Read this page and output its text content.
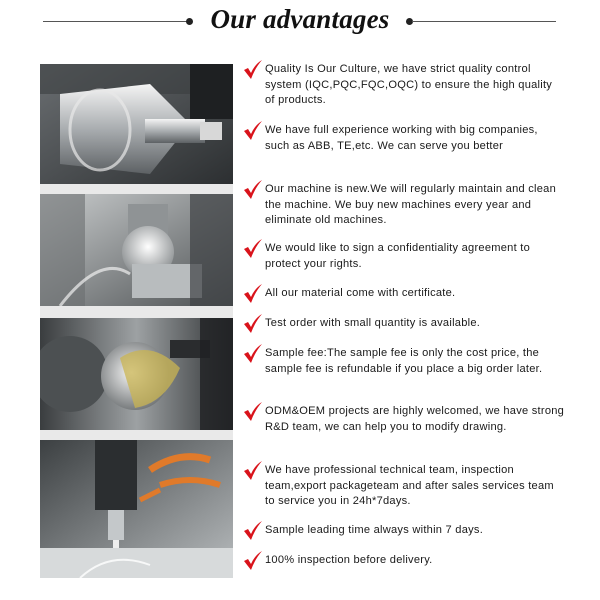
Our advantages
Quality Is Our Culture, we have strict quality control system (IQC,PQC,FQC,OQC) to ensure the high quality of products.
We have full experience working with big companies, such as ABB, TE,etc. We can serve you better
Our machine is new.We will regularly maintain and clean the machine. We buy new machines every year and eliminate old machines.
We would like to sign a confidentiality agreement to protect your rights.
All our material come with certificate.
Test order with small quantity is available.
Sample fee:The sample fee is only the cost price, the sample fee is refundable if you place a big order later.
ODM&OEM projects are highly welcomed, we have strong R&D team, we can help you to modify drawing.
We have professional technical team, inspection team,export packageteam and after sales services team to service you in 24h*7days.
Sample leading time always within 7 days.
100% inspection before delivery.
